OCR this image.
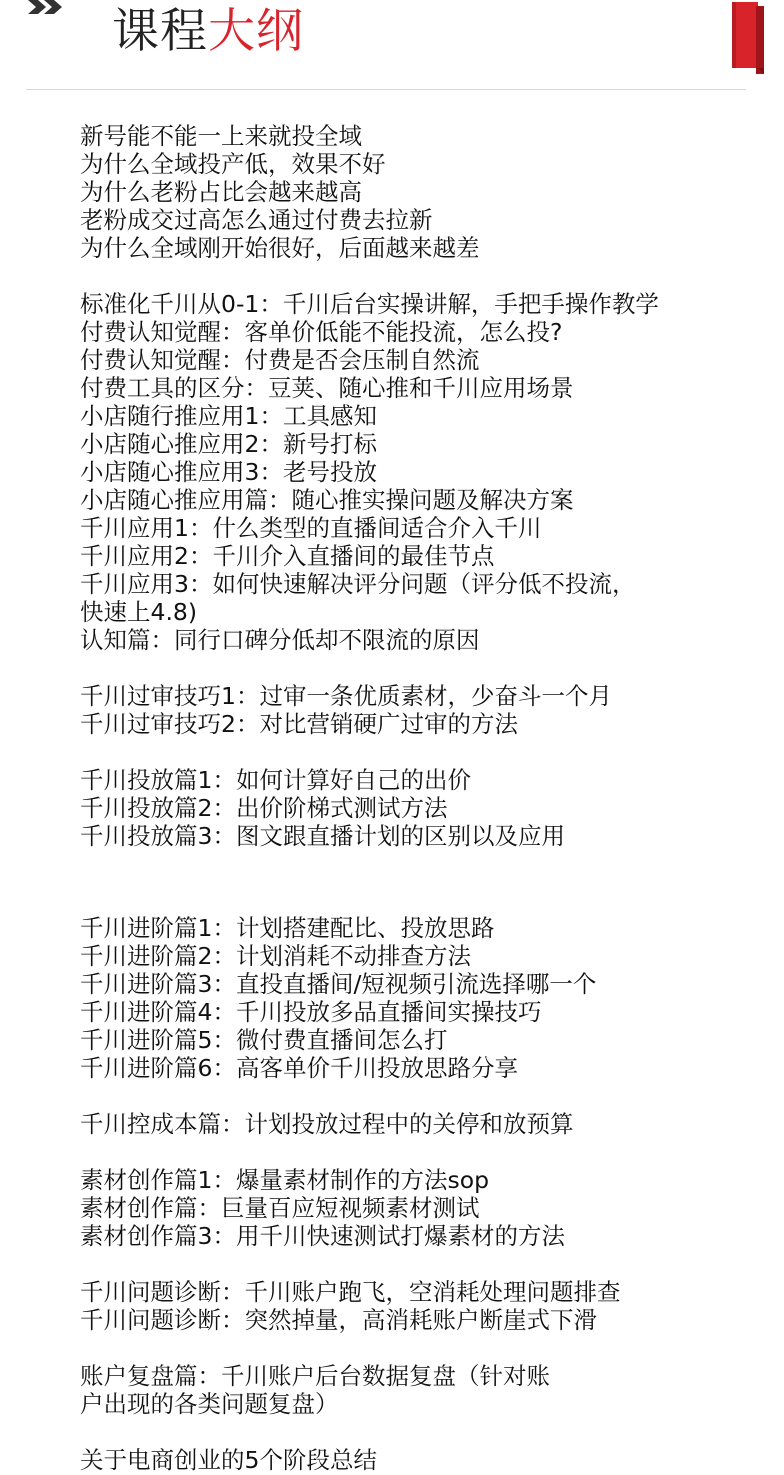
课程大纲
新号能不能一上来就投全域
为什么全域投产低，效果不好
为什么老粉占比会越来越高
老粉成交过高怎么通过付费去拉新
为什么全域刚开始很好，后面越来越差
标准化千川从0-1：千川后台实操讲解，手把手操作教学
付费认知觉醒：客单价低能不能投流，怎么投?
付费认知觉醒：付费是否会压制自然流
付费工具的区分：豆荚、随心推和千川应用场景
小店随行推应用1：工具感知
小店随心推应用2：新号打标
小店随心推应用3：老号投放
小店随心推应用篇：随心推实操问题及解决方案
千川应用1：什么类型的直播间适合介入千川
千川应用2：千川介入直播间的最佳节点
千川应用3：如何快速解决评分问题（评分低不投流，
快速上4.8)
认知篇：同行口碑分低却不限流的原因
千川过审技巧1：过审一条优质素材，少奋斗一个月
千川过审技巧2：对比营销硬广过审的方法
千川投放篇1：如何计算好自己的出价
千川投放篇2：出价阶梯式测试方法
千川投放篇3：图文跟直播计划的区别以及应用
千川进阶篇1：计划搭建配比、投放思路
千川进阶篇2：计划消耗不动排查方法
千川进阶篇3：直投直播间/短视频引流选择哪一个
千川进阶篇4：千川投放多品直播间实操技巧
千川进阶篇5：微付费直播间怎么打
千川进阶篇6：高客单价千川投放思路分享
千川控成本篇：计划投放过程中的关停和放预算
素材创作篇1：爆量素材制作的方法sop
素材创作篇：巨量百应短视频素材测试
素材创作篇3：用千川快速测试打爆素材的方法
千川问题诊断：千川账户跑飞，空消耗处理问题排查
千川问题诊断：突然掉量，高消耗账户断崖式下滑
账户复盘篇：千川账户后台数据复盘（针对账
户出现的各类问题复盘）
关于电商创业的5个阶段总结
